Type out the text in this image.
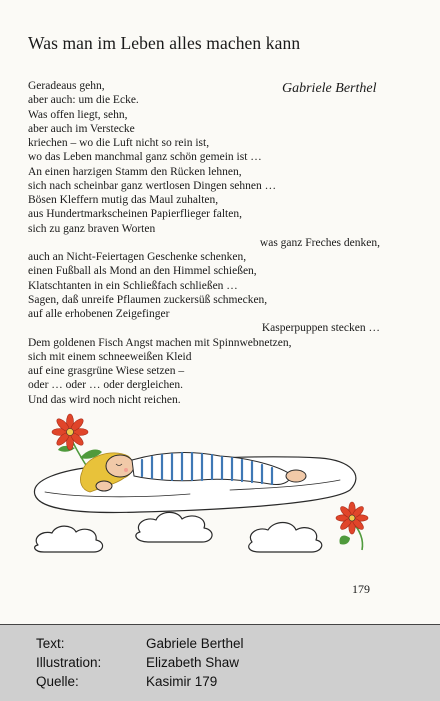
Was man im Leben alles machen kann
Gabriele Berthel
Geradeaus gehn,
aber auch: um die Ecke.
Was offen liegt, sehn,
aber auch im Verstecke
kriechen – wo die Luft nicht so rein ist,
wo das Leben manchmal ganz schön gemein ist …
An einen harzigen Stamm den Rücken lehnen,
sich nach scheinbar ganz wertlosen Dingen sehnen …
Bösen Kleffern mutig das Maul zuhalten,
aus Hundertmarkscheinen Papierflieger falten,
sich zu ganz braven Worten
was ganz Freches denken,
auch an Nicht-Feiertagen Geschenke schenken,
einen Fußball als Mond an den Himmel schießen,
Klatschtanten in ein Schließfach schließen …
Sagen, daß unreife Pflaumen zuckersüß schmecken,
auf alle erhobenen Zeigefinger
Kasperpuppen stecken …
Dem goldenen Fisch Angst machen mit Spinnwebnetzen,
sich mit einem schneeweißen Kleid
auf eine grasgrüne Wiese setzen –
oder … oder … oder dergleichen.
Und das wird noch nicht reichen.
179
Text:	Gabriele Berthel
Illustration:	Elizabeth Shaw
Quelle:	Kasimir 179
